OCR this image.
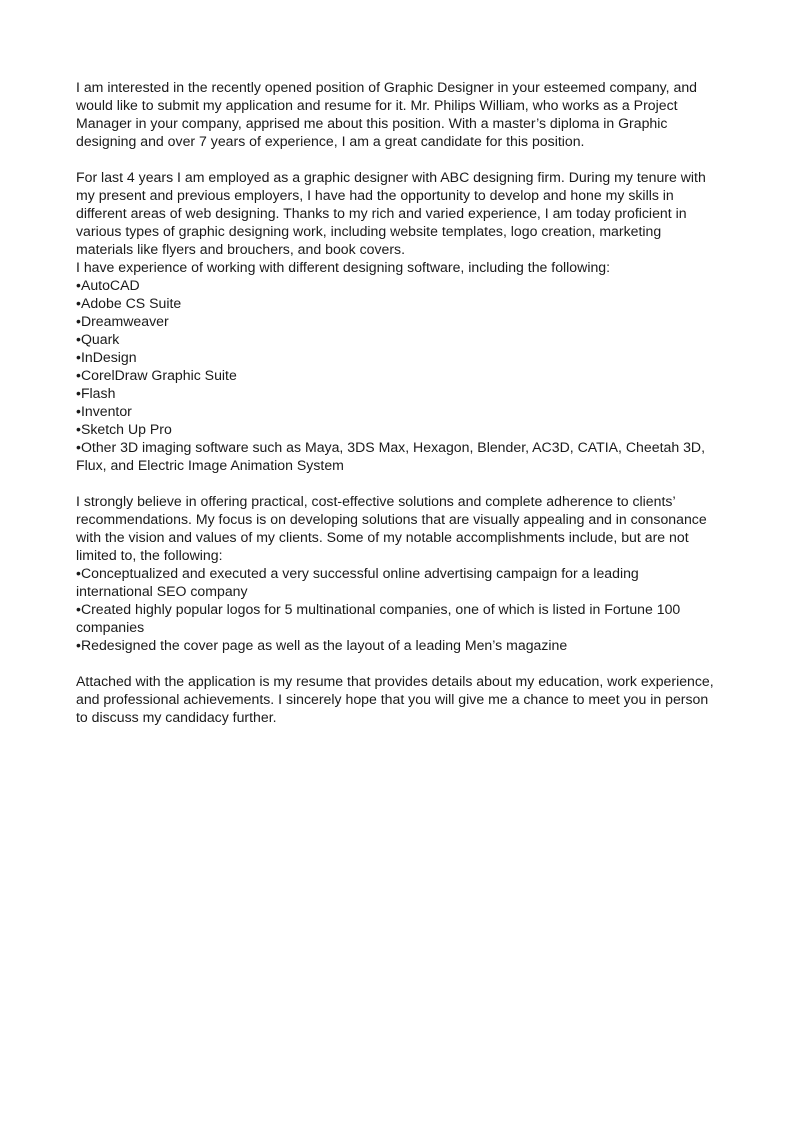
I am interested in the recently opened position of Graphic Designer in your esteemed company, and would like to submit my application and resume for it. Mr. Philips William, who works as a Project Manager in your company, apprised me about this position. With a master’s diploma in Graphic designing and over 7 years of experience, I am a great candidate for this position.

For last 4 years I am employed as a graphic designer with ABC designing firm. During my tenure with my present and previous employers, I have had the opportunity to develop and hone my skills in different areas of web designing. Thanks to my rich and varied experience, I am today proficient in various types of graphic designing work, including website templates, logo creation, marketing materials like flyers and brouchers, and book covers.

I have experience of working with different designing software, including the following:

•AutoCAD
•Adobe CS Suite
•Dreamweaver
•Quark
•InDesign
•CorelDraw Graphic Suite
•Flash
•Inventor
•Sketch Up Pro
•Other 3D imaging software such as Maya, 3DS Max, Hexagon, Blender, AC3D, CATIA, Cheetah 3D, Flux, and Electric Image Animation System

I strongly believe in offering practical, cost-effective solutions and complete adherence to clients’ recommendations. My focus is on developing solutions that are visually appealing and in consonance with the vision and values of my clients. Some of my notable accomplishments include, but are not limited to, the following:

•Conceptualized and executed a very successful online advertising campaign for a leading international SEO company
•Created highly popular logos for 5 multinational companies, one of which is listed in Fortune 100 companies
•Redesigned the cover page as well as the layout of a leading Men’s magazine

Attached with the application is my resume that provides details about my education, work experience, and professional achievements. I sincerely hope that you will give me a chance to meet you in person to discuss my candidacy further.
